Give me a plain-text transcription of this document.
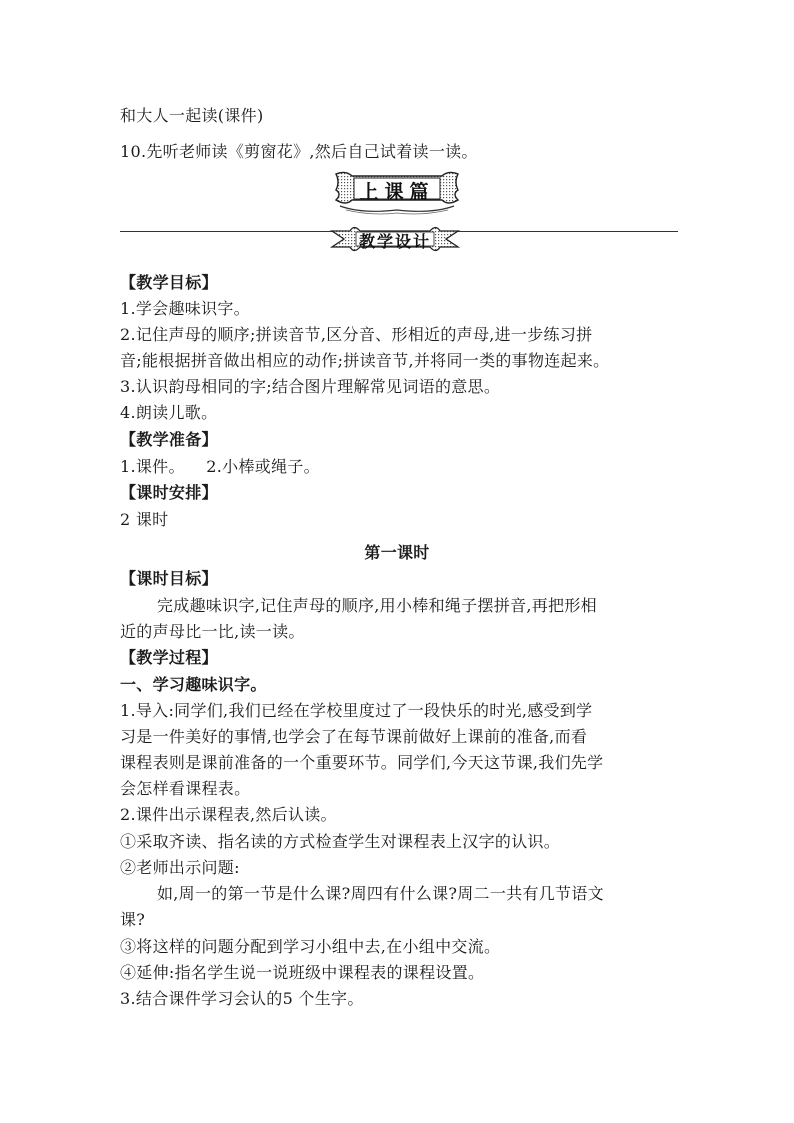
和大人一起读(课件)
10.先听老师读《剪窗花》,然后自己试着读一读。
上课篇
教学设计
【教学目标】
1.学会趣味识字。
2.记住声母的顺序;拼读音节,区分音、形相近的声母,进一步练习拼
音;能根据拼音做出相应的动作;拼读音节,并将同一类的事物连起来。
3.认识韵母相同的字;结合图片理解常见词语的意思。
4.朗读儿歌。
【教学准备】
1.课件。    2.小棒或绳子。
【课时安排】
2 课时
第一课时
【课时目标】
完成趣味识字,记住声母的顺序,用小棒和绳子摆拼音,再把形相
近的声母比一比,读一读。
【教学过程】
一、学习趣味识字。
1.导入:同学们,我们已经在学校里度过了一段快乐的时光,感受到学
习是一件美好的事情,也学会了在每节课前做好上课前的准备,而看
课程表则是课前准备的一个重要环节。同学们,今天这节课,我们先学
会怎样看课程表。
2.课件出示课程表,然后认读。
①采取齐读、指名读的方式检查学生对课程表上汉字的认识。
②老师出示问题:
如,周一的第一节是什么课?周四有什么课?周二一共有几节语文
课?
③将这样的问题分配到学习小组中去,在小组中交流。
④延伸:指名学生说一说班级中课程表的课程设置。
3.结合课件学习会认的5 个生字。
